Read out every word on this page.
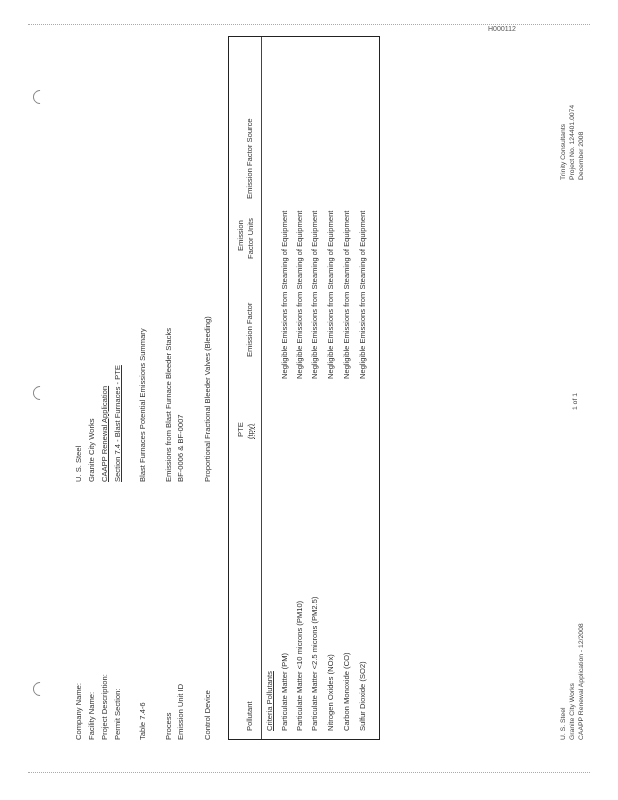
H000112
Company Name:
U. S. Steel
Facility Name:
Granite City Works
Project Description:
CAAPP Renewal Application
Permit Section:
Section 7.4 - Blast Furnaces - PTE
Table 7.4-6
Blast Furnaces Potential Emissions Summary
Process
Emissions from Blast Furnace Bleeder Stacks
Emission Unit ID
BF-0006 & BF-0007
Control Device
Proportional Fractional Bleeder Valves (Bleeding)
Pollutant
PTE (tpy)
Emission Factor
Emission Factor Units
Emission Factor Source
Criteria Pollutants Particulate Matter (PM)
Negligible Emissions from Steaming of Equipment
Particulate Matter <10 microns (PM10)
Negligible Emissions from Steaming of Equipment
Particulate Matter <2.5 microns (PM2.5)
Negligible Emissions from Steaming of Equipment
Nitrogen Oxides (NOx)
Negligible Emissions from Steaming of Equipment
Carbon Monoxide (CO)
Negligible Emissions from Steaming of Equipment
Sulfur Dioxide (SO2)
Negligible Emissions from Steaming of Equipment
U. S. Steel Granite City Works CAAPP Renewal Application - 12/2008
1 of 1
Trinity Consultants Project No. 124401.0074 December 2008
